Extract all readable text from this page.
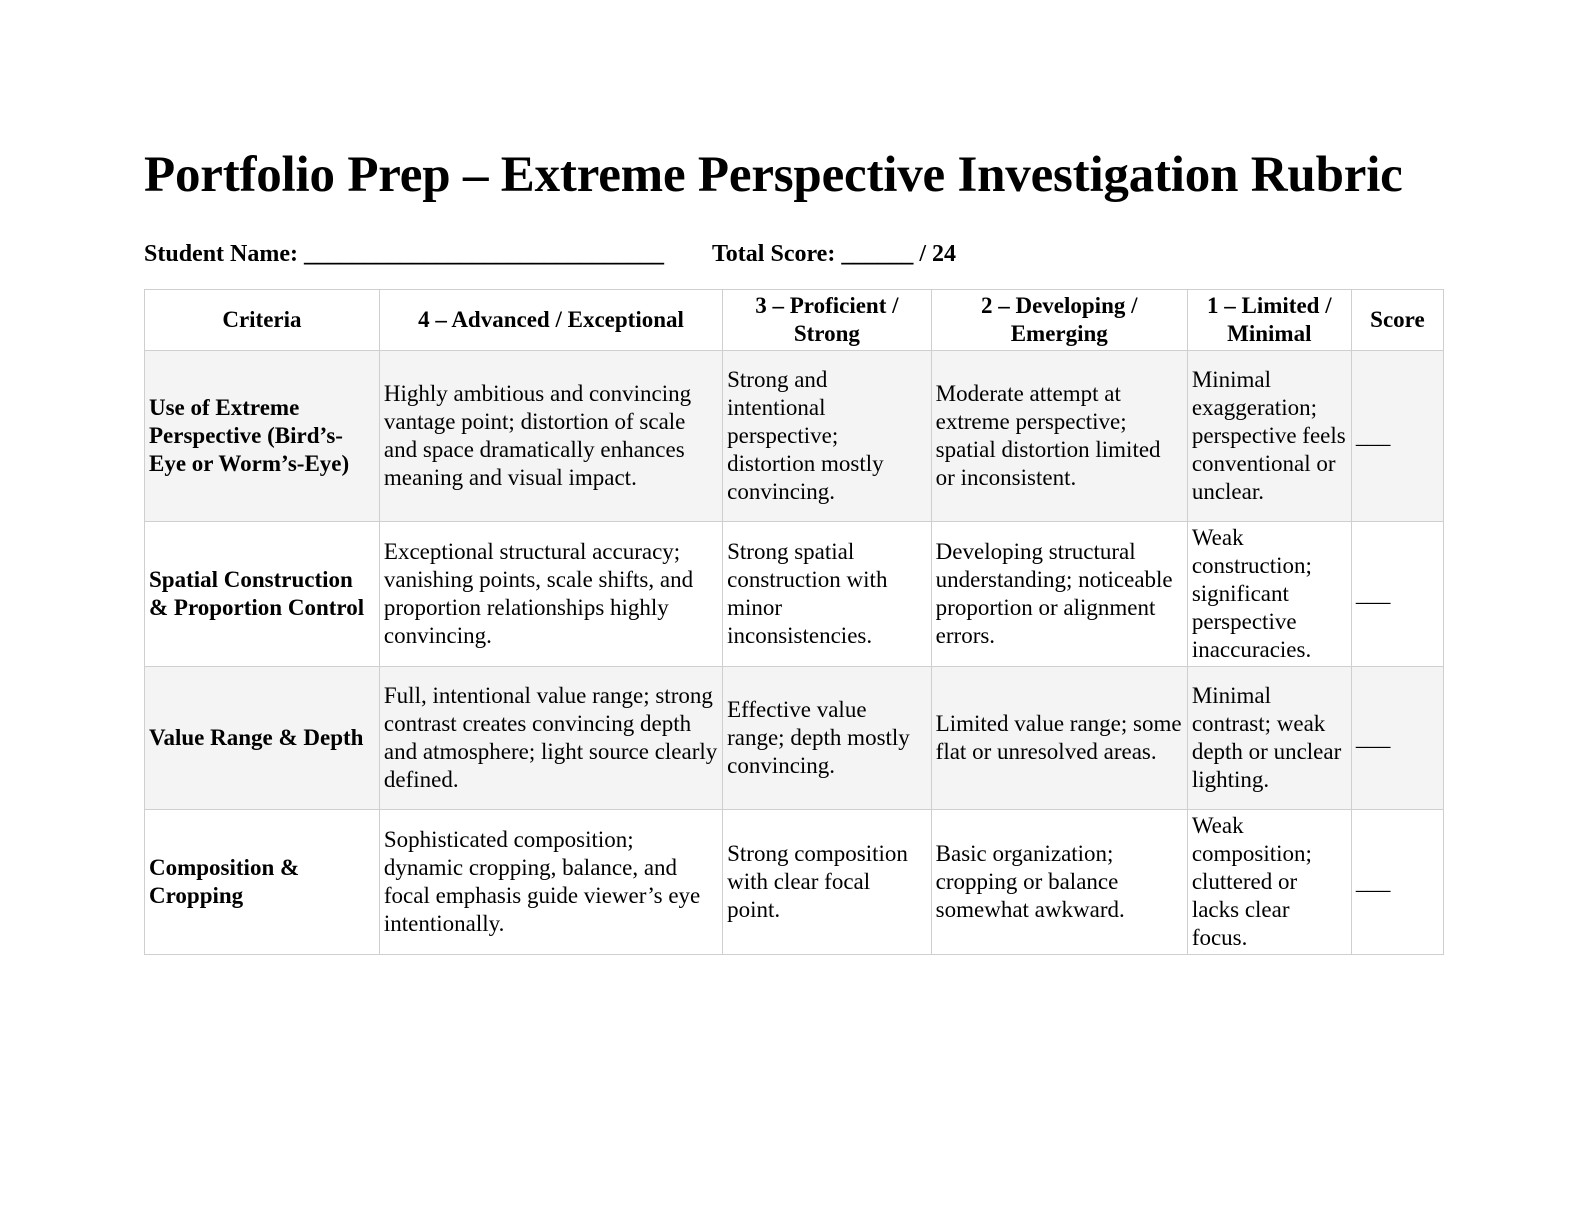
Portfolio Prep – Extreme Perspective Investigation Rubric
Student Name: ______________________________ Total Score: ______ / 24
Criteria	4 – Advanced / Exceptional	3 – Proficient / Strong	2 – Developing / Emerging	1 – Limited / Minimal	Score
Use of Extreme Perspective (Bird’s-Eye or Worm’s-Eye)	Highly ambitious and convincing vantage point; distortion of scale and space dramatically enhances meaning and visual impact.	Strong and intentional perspective; distortion mostly convincing.	Moderate attempt at extreme perspective; spatial distortion limited or inconsistent.	Minimal exaggeration; perspective feels conventional or unclear.	___
Spatial Construction & Proportion Control	Exceptional structural accuracy; vanishing points, scale shifts, and proportion relationships highly convincing.	Strong spatial construction with minor inconsistencies.	Developing structural understanding; noticeable proportion or alignment errors.	Weak construction; significant perspective inaccuracies.	___
Value Range & Depth	Full, intentional value range; strong contrast creates convincing depth and atmosphere; light source clearly defined.	Effective value range; depth mostly convincing.	Limited value range; some flat or unresolved areas.	Minimal contrast; weak depth or unclear lighting.	___
Composition & Cropping	Sophisticated composition; dynamic cropping, balance, and focal emphasis guide viewer’s eye intentionally.	Strong composition with clear focal point.	Basic organization; cropping or balance somewhat awkward.	Weak composition; cluttered or lacks clear focus.	___
